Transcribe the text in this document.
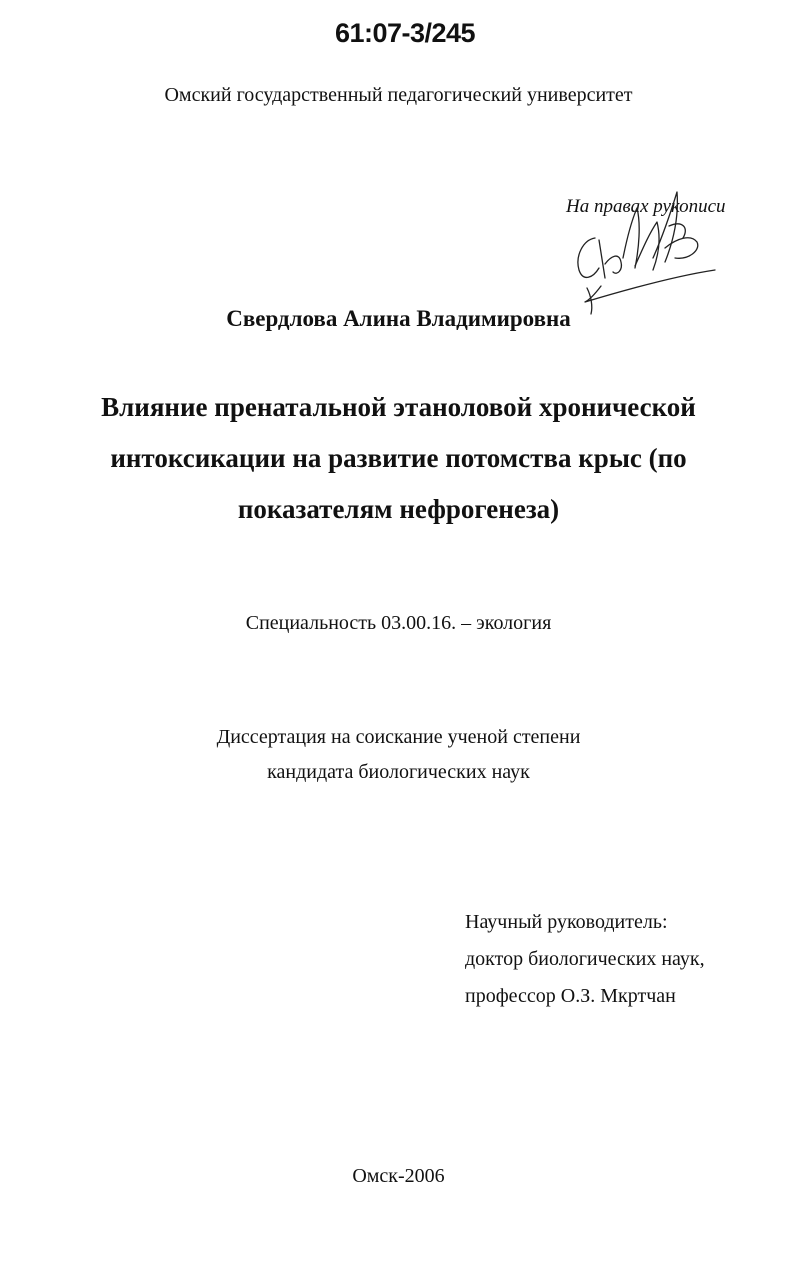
61:07-3/245
Омский государственный педагогический университет
На правах рукописи
Свердлова Алина Владимировна
Влияние пренатальной этаноловой хронической
интоксикации на развитие потомства крыс (по
показателям нефрогенеза)
Специальность 03.00.16. – экология
Диссертация на соискание ученой степени
кандидата биологических наук
Научный руководитель:
доктор биологических наук,
профессор О.З. Мкртчан
Омск-2006
